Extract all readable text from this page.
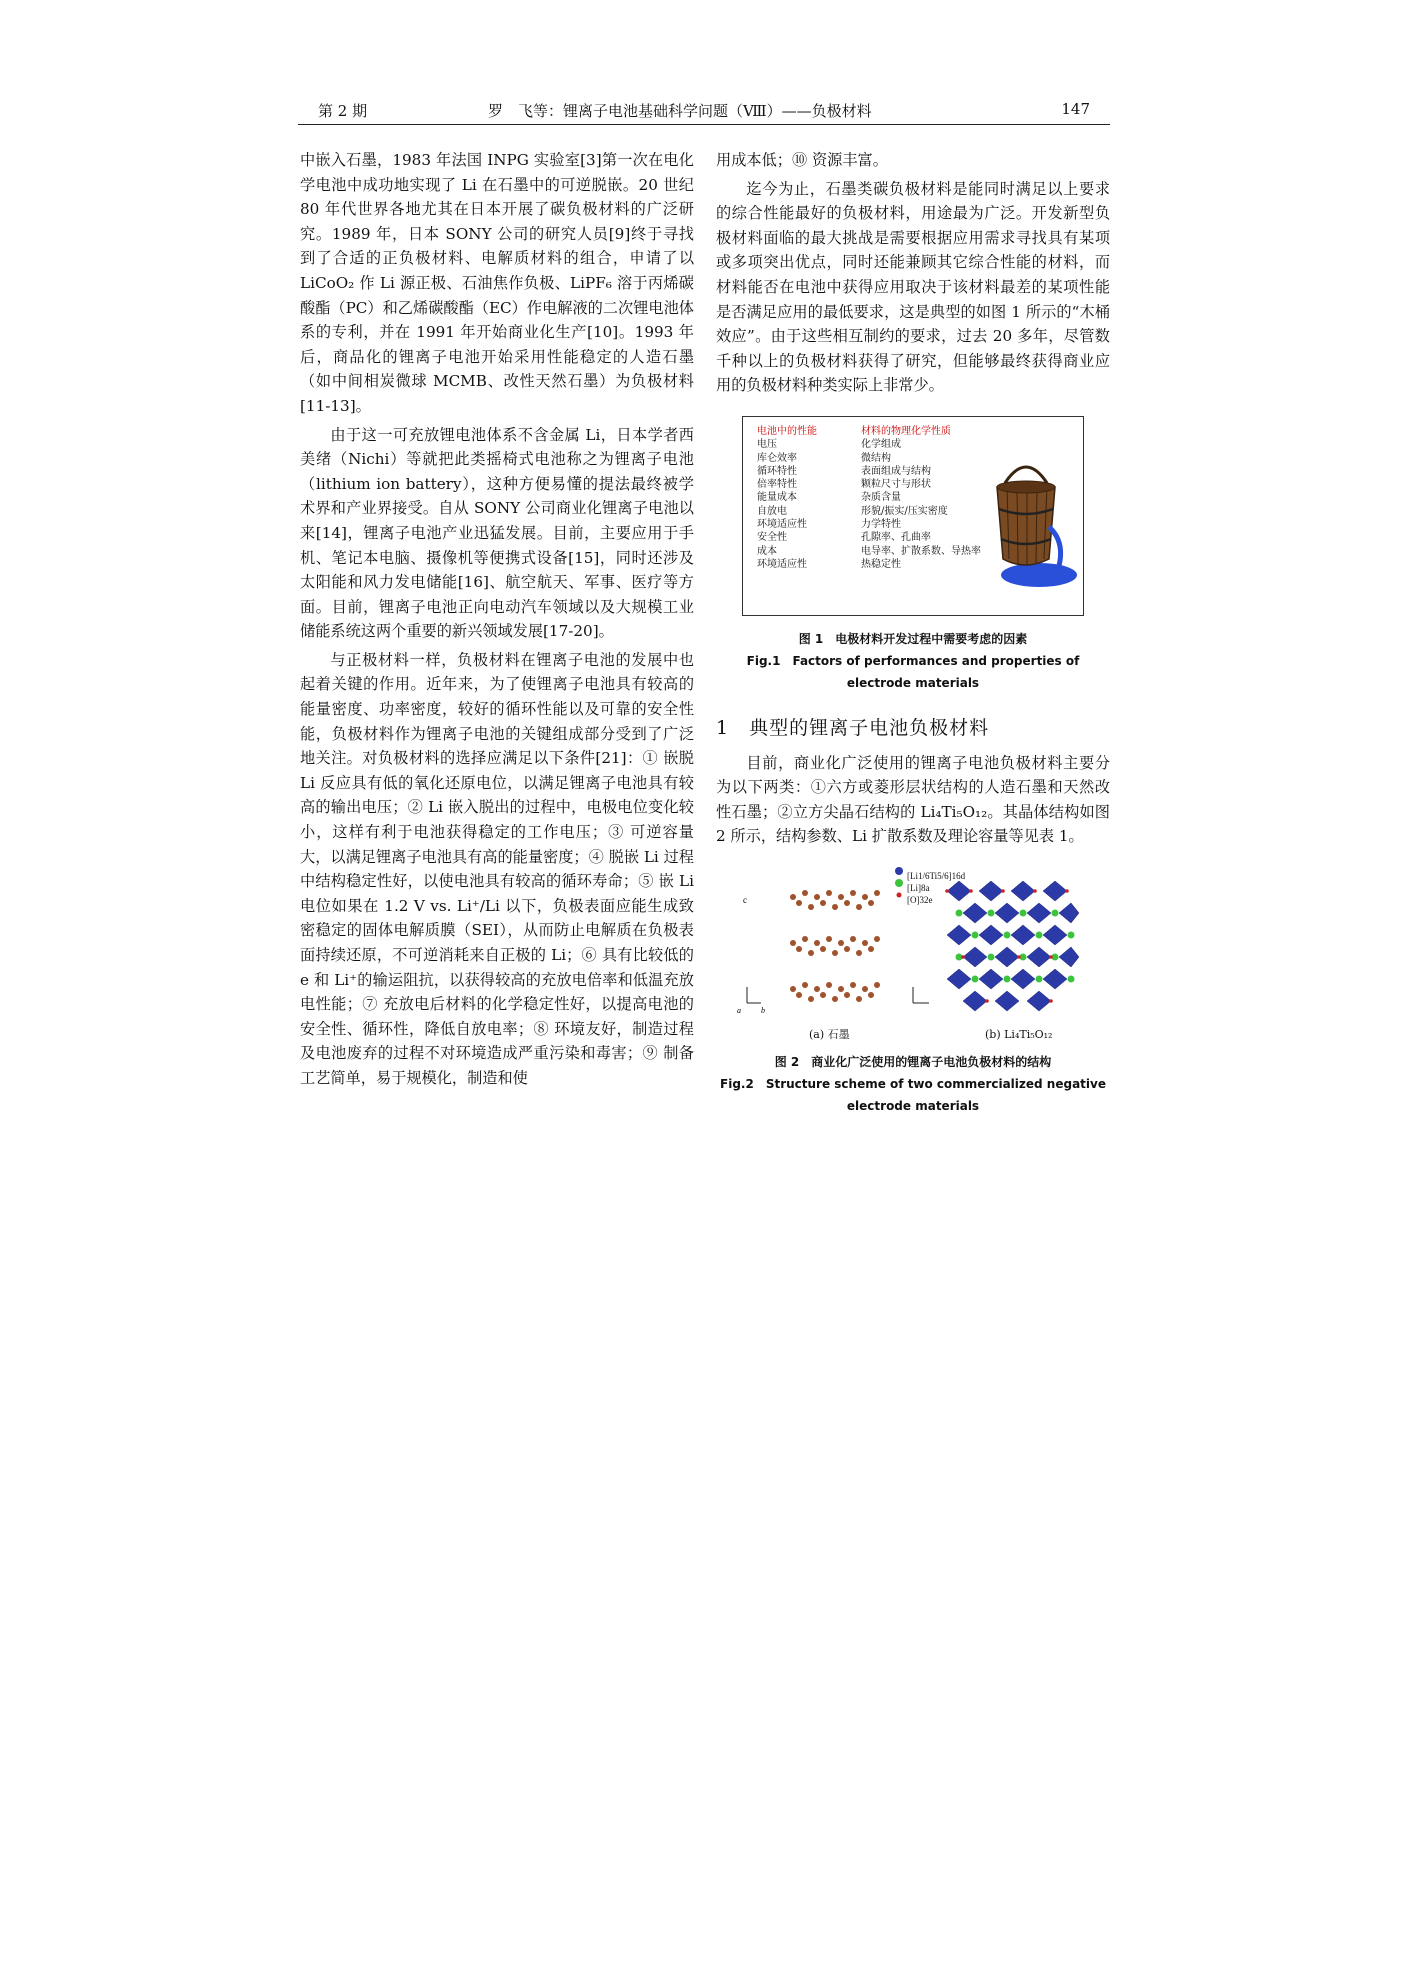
第 2 期	罗　飞等：锂离子电池基础科学问题（Ⅷ）——负极材料	147

中嵌入石墨，1983 年法国 INPG 实验室[3]第一次在电化学电池中成功地实现了 Li 在石墨中的可逆脱嵌。20 世纪 80 年代世界各地尤其在日本开展了碳负极材料的广泛研究。1989 年，日本 SONY 公司的研究人员[9]终于寻找到了合适的正负极材料、电解质材料的组合，申请了以 LiCoO₂ 作 Li 源正极、石油焦作负极、LiPF₆ 溶于丙烯碳酸酯（PC）和乙烯碳酸酯（EC）作电解液的二次锂电池体系的专利，并在 1991 年开始商业化生产[10]。1993 年后，商品化的锂离子电池开始采用性能稳定的人造石墨（如中间相炭微球 MCMB、改性天然石墨）为负极材料[11-13]。

由于这一可充放锂电池体系不含金属 Li，日本学者西美绪（Nichi）等就把此类摇椅式电池称之为锂离子电池（lithium ion battery），这种方便易懂的提法最终被学术界和产业界接受。自从 SONY 公司商业化锂离子电池以来[14]，锂离子电池产业迅猛发展。目前，主要应用于手机、笔记本电脑、摄像机等便携式设备[15]，同时还涉及太阳能和风力发电储能[16]、航空航天、军事、医疗等方面。目前，锂离子电池正向电动汽车领域以及大规模工业储能系统这两个重要的新兴领域发展[17-20]。

与正极材料一样，负极材料在锂离子电池的发展中也起着关键的作用。近年来，为了使锂离子电池具有较高的能量密度、功率密度，较好的循环性能以及可靠的安全性能，负极材料作为锂离子电池的关键组成部分受到了广泛地关注。对负极材料的选择应满足以下条件[21]：① 嵌脱 Li 反应具有低的氧化还原电位，以满足锂离子电池具有较高的输出电压；② Li 嵌入脱出的过程中，电极电位变化较小，这样有利于电池获得稳定的工作电压；③ 可逆容量大，以满足锂离子电池具有高的能量密度；④ 脱嵌 Li 过程中结构稳定性好，以使电池具有较高的循环寿命；⑤ 嵌 Li 电位如果在 1.2 V vs. Li⁺/Li 以下，负极表面应能生成致密稳定的固体电解质膜（SEI），从而防止电解质在负极表面持续还原，不可逆消耗来自正极的 Li；⑥ 具有比较低的 e 和 Li⁺的输运阻抗，以获得较高的充放电倍率和低温充放电性能；⑦ 充放电后材料的化学稳定性好，以提高电池的安全性、循环性，降低自放电率；⑧ 环境友好，制造过程及电池废弃的过程不对环境造成严重污染和毒害；⑨ 制备工艺简单，易于规模化，制造和使

用成本低；⑩ 资源丰富。

迄今为止，石墨类碳负极材料是能同时满足以上要求的综合性能最好的负极材料，用途最为广泛。开发新型负极材料面临的最大挑战是需要根据应用需求寻找具有某项或多项突出优点，同时还能兼顾其它综合性能的材料，而材料能否在电池中获得应用取决于该材料最差的某项性能是否满足应用的最低要求，这是典型的如图 1 所示的“木桶效应”。由于这些相互制约的要求，过去 20 多年，尽管数千种以上的负极材料获得了研究，但能够最终获得商业应用的负极材料种类实际上非常少。

电池中的性能	材料的物理化学性质
电压	化学组成
库仑效率	微结构
循环特性	表面组成与结构
倍率特性	颗粒尺寸与形状
能量成本	杂质含量
自放电	形貌/振实/压实密度
环境适应性	力学特性
安全性	孔隙率、孔曲率
成本	电导率、扩散系数、导热率
环境适应性	热稳定性
图 1　电极材料开发过程中需要考虑的因素
Fig.1　Factors of performances and properties of electrode materials
1　典型的锂离子电池负极材料

目前，商业化广泛使用的锂离子电池负极材料主要分为以下两类：①六方或菱形层状结构的人造石墨和天然改性石墨；②立方尖晶石结构的 Li₄Ti₅O₁₂。其晶体结构如图 2 所示，结构参数、Li 扩散系数及理论容量等见表 1。

c
a	b
[Li1/6Ti5/6]16d
[Li]8a
[O]32e
(a) 石墨	(b) Li₄Ti₅O₁₂
图 2　商业化广泛使用的锂离子电池负极材料的结构
Fig.2　Structure scheme of two commercialized negative electrode materials
